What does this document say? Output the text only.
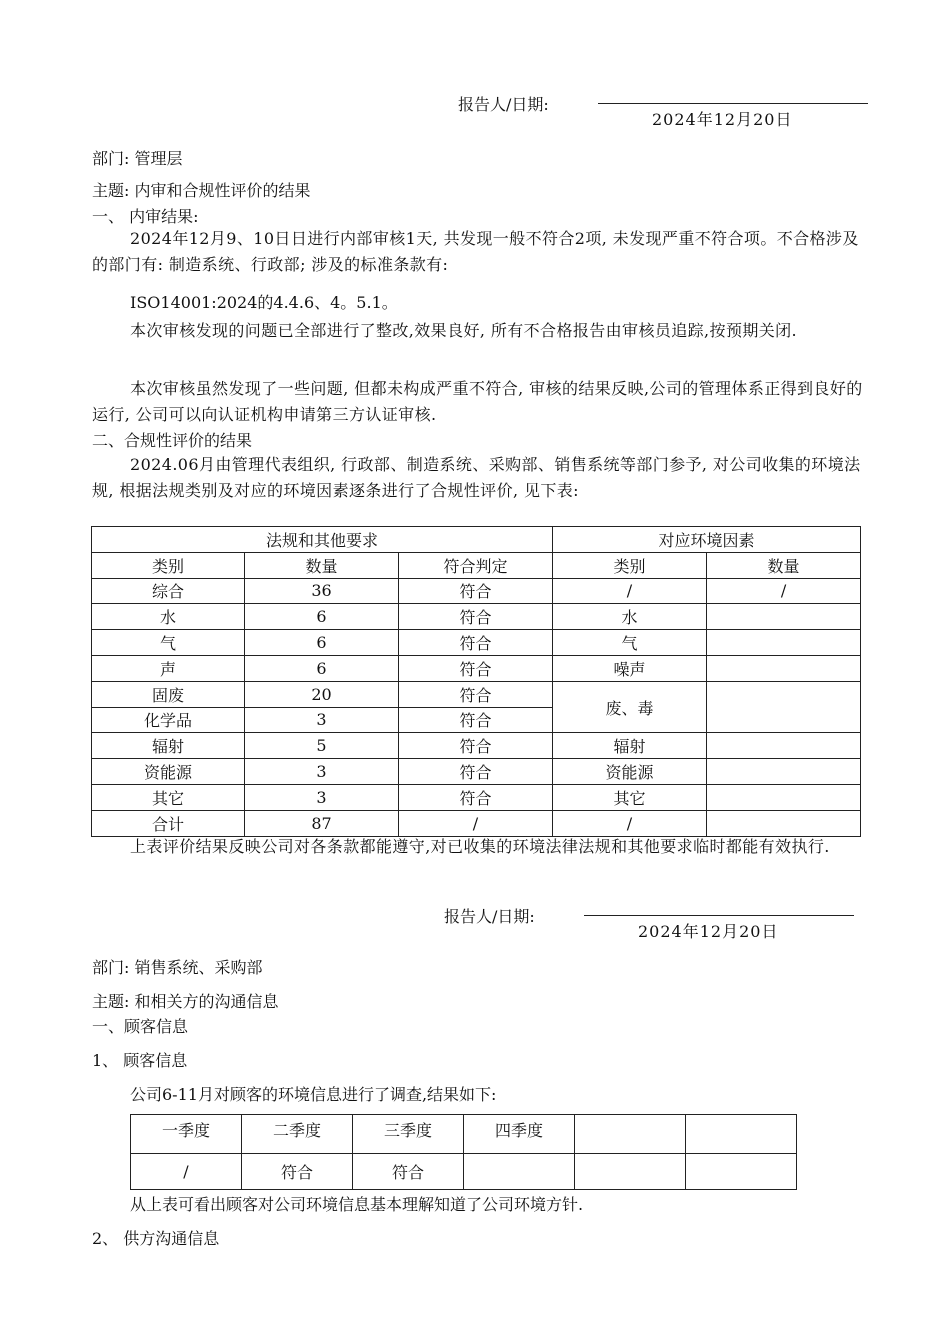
报告人/日期:
2024年12月20日
部门: 管理层
主题: 内审和合规性评价的结果
一、 内审结果:
2024年12月9、10日日进行内部审核1天, 共发现一般不符合2项, 未发现严重不符合项。不合格涉及的部门有: 制造系统、行政部; 涉及的标准条款有:
ISO14001:2024的4.4.6、4。5.1。
本次审核发现的问题已全部进行了整改,效果良好, 所有不合格报告由审核员追踪,按预期关闭.
本次审核虽然发现了一些问题, 但都未构成严重不符合, 审核的结果反映,公司的管理体系正得到良好的运行, 公司可以向认证机构申请第三方认证审核.
二、合规性评价的结果
2024.06月由管理代表组织, 行政部、制造系统、采购部、销售系统等部门参予, 对公司收集的环境法规, 根据法规类别及对应的环境因素逐条进行了合规性评价, 见下表:
法规和其他要求			对应环境因素	
类别	数量	符合判定	类别	数量
综合	36	符合	/	/
水	6	符合	水	
气	6	符合	气	
声	6	符合	噪声	
固废	20	符合	废、毒	
化学品	3	符合		
辐射	5	符合	辐射	
资能源	3	符合	资能源	
其它	3	符合	其它	
合计	87	/	/	
上表评价结果反映公司对各条款都能遵守,对已收集的环境法律法规和其他要求临时都能有效执行.
报告人/日期:
2024年12月20日
部门: 销售系统、采购部
主题: 和相关方的沟通信息
一、顾客信息
1、 顾客信息
公司6-11月对顾客的环境信息进行了调查,结果如下:
一季度	二季度	三季度	四季度		
/	符合	符合			
从上表可看出顾客对公司环境信息基本理解知道了公司环境方针.
2、 供方沟通信息
